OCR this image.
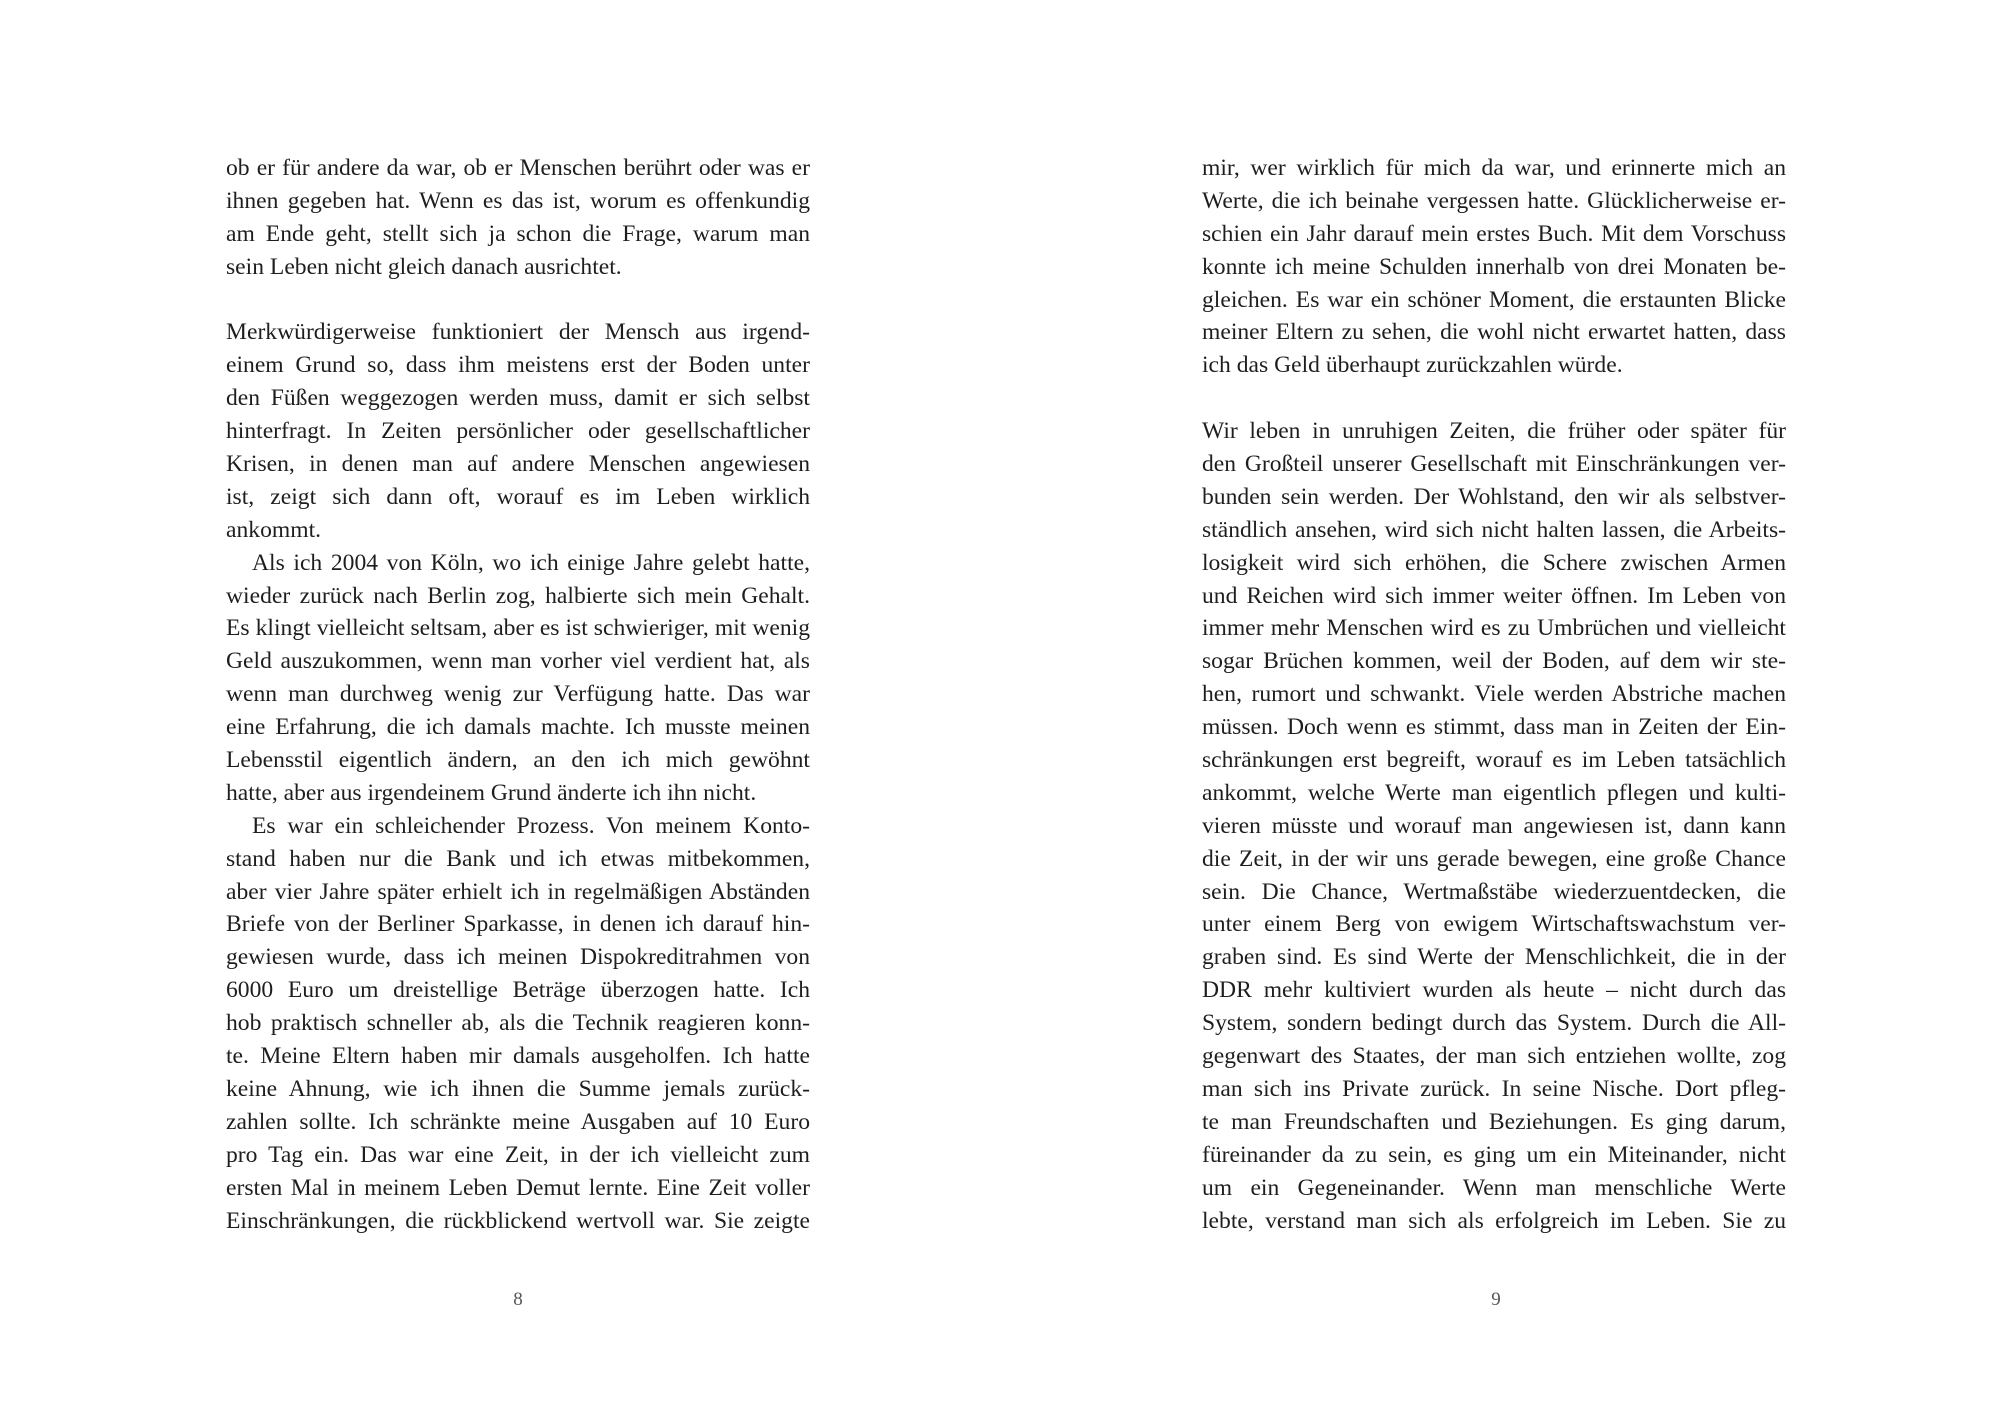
ob er für andere da war, ob er Menschen berührt oder was er
ihnen gegeben hat. Wenn es das ist, worum es offenkundig
am Ende geht, stellt sich ja schon die Frage, warum man
sein Leben nicht gleich danach ausrichtet.
Merkwürdigerweise funktioniert der Mensch aus irgend-
einem Grund so, dass ihm meistens erst der Boden unter
den Füßen weggezogen werden muss, damit er sich selbst
hinterfragt. In Zeiten persönlicher oder gesellschaftlicher
Krisen, in denen man auf andere Menschen angewiesen
ist, zeigt sich dann oft, worauf es im Leben wirklich
ankommt.
Als ich 2004 von Köln, wo ich einige Jahre gelebt hatte,
wieder zurück nach Berlin zog, halbierte sich mein Gehalt.
Es klingt vielleicht seltsam, aber es ist schwieriger, mit wenig
Geld auszukommen, wenn man vorher viel verdient hat, als
wenn man durchweg wenig zur Verfügung hatte. Das war
eine Erfahrung, die ich damals machte. Ich musste meinen
Lebensstil eigentlich ändern, an den ich mich gewöhnt
hatte, aber aus irgendeinem Grund änderte ich ihn nicht.
Es war ein schleichender Prozess. Von meinem Konto-
stand haben nur die Bank und ich etwas mitbekommen,
aber vier Jahre später erhielt ich in regelmäßigen Abständen
Briefe von der Berliner Sparkasse, in denen ich darauf hin-
gewiesen wurde, dass ich meinen Dispokreditrahmen von
6000 Euro um dreistellige Beträge überzogen hatte. Ich
hob praktisch schneller ab, als die Technik reagieren konn-
te. Meine Eltern haben mir damals ausgeholfen. Ich hatte
keine Ahnung, wie ich ihnen die Summe jemals zurück-
zahlen sollte. Ich schränkte meine Ausgaben auf 10 Euro
pro Tag ein. Das war eine Zeit, in der ich vielleicht zum
ersten Mal in meinem Leben Demut lernte. Eine Zeit voller
Einschränkungen, die rückblickend wertvoll war. Sie zeigte
8
mir, wer wirklich für mich da war, und erinnerte mich an
Werte, die ich beinahe vergessen hatte. Glücklicherweise er-
schien ein Jahr darauf mein erstes Buch. Mit dem Vorschuss
konnte ich meine Schulden innerhalb von drei Monaten be-
gleichen. Es war ein schöner Moment, die erstaunten Blicke
meiner Eltern zu sehen, die wohl nicht erwartet hatten, dass
ich das Geld überhaupt zurückzahlen würde.
Wir leben in unruhigen Zeiten, die früher oder später für
den Großteil unserer Gesellschaft mit Einschränkungen ver-
bunden sein werden. Der Wohlstand, den wir als selbstver-
ständlich ansehen, wird sich nicht halten lassen, die Arbeits-
losigkeit wird sich erhöhen, die Schere zwischen Armen
und Reichen wird sich immer weiter öffnen. Im Leben von
immer mehr Menschen wird es zu Umbrüchen und vielleicht
sogar Brüchen kommen, weil der Boden, auf dem wir ste-
hen, rumort und schwankt. Viele werden Abstriche machen
müssen. Doch wenn es stimmt, dass man in Zeiten der Ein-
schränkungen erst begreift, worauf es im Leben tatsächlich
ankommt, welche Werte man eigentlich pflegen und kulti-
vieren müsste und worauf man angewiesen ist, dann kann
die Zeit, in der wir uns gerade bewegen, eine große Chance
sein. Die Chance, Wertmaßstäbe wiederzuentdecken, die
unter einem Berg von ewigem Wirtschaftswachstum ver-
graben sind. Es sind Werte der Menschlichkeit, die in der
DDR mehr kultiviert wurden als heute – nicht durch das
System, sondern bedingt durch das System. Durch die All-
gegenwart des Staates, der man sich entziehen wollte, zog
man sich ins Private zurück. In seine Nische. Dort pfleg-
te man Freundschaften und Beziehungen. Es ging darum,
füreinander da zu sein, es ging um ein Miteinander, nicht
um ein Gegeneinander. Wenn man menschliche Werte
lebte, verstand man sich als erfolgreich im Leben. Sie zu
9
